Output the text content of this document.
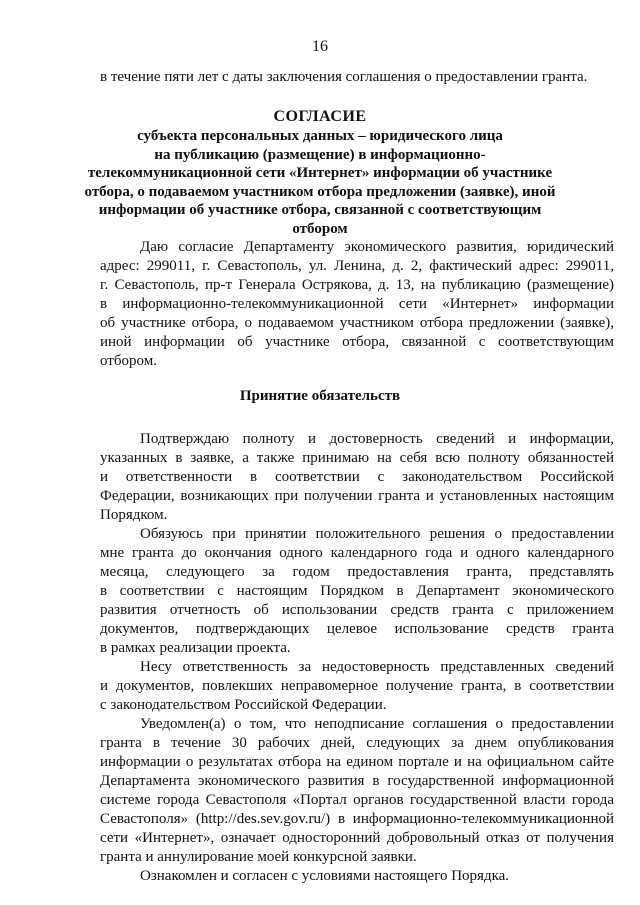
16
в течение пяти лет с даты заключения соглашения о предоставлении гранта.
СОГЛАСИЕ
субъекта персональных данных – юридического лица
на публикацию (размещение) в информационно-
телекоммуникационной сети «Интернет» информации об участнике
отбора, о подаваемом участником отбора предложении (заявке), иной
информации об участнике отбора, связанной с соответствующим
отбором
Даю согласие Департаменту экономического развития, юридический
адрес: 299011, г. Севастополь, ул. Ленина, д. 2, фактический адрес: 299011,
г. Севастополь, пр-т Генерала Острякова, д. 13, на публикацию (размещение)
в информационно-телекоммуникационной сети «Интернет» информации
об участнике отбора, о подаваемом участником отбора предложении (заявке),
иной информации об участнике отбора, связанной с соответствующим
отбором.
Принятие обязательств
Подтверждаю полноту и достоверность сведений и информации,
указанных в заявке, а также принимаю на себя всю полноту обязанностей
и ответственности в соответствии с законодательством Российской
Федерации, возникающих при получении гранта и установленных настоящим
Порядком.
Обязуюсь при принятии положительного решения о предоставлении
мне гранта до окончания одного календарного года и одного календарного
месяца, следующего за годом предоставления гранта, представлять
в соответствии с настоящим Порядком в Департамент экономического
развития отчетность об использовании средств гранта с приложением
документов, подтверждающих целевое использование средств гранта
в рамках реализации проекта.
Несу ответственность за недостоверность представленных сведений
и документов, повлекших неправомерное получение гранта, в соответствии
с законодательством Российской Федерации.
Уведомлен(а) о том, что неподписание соглашения о предоставлении
гранта в течение 30 рабочих дней, следующих за днем опубликования
информации о результатах отбора на едином портале и на официальном сайте
Департамента экономического развития в государственной информационной
системе города Севастополя «Портал органов государственной власти города
Севастополя» (http://des.sev.gov.ru/) в информационно-телекоммуникационной
сети «Интернет», означает односторонний добровольный отказ от получения
гранта и аннулирование моей конкурсной заявки.
Ознакомлен и согласен с условиями настоящего Порядка.
